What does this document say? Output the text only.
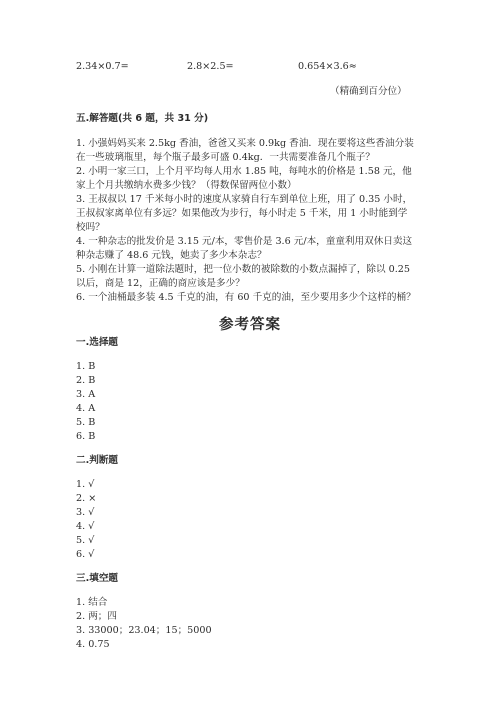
2.34×0.7=	2.8×2.5=	0.654×3.6≈
（精确到百分位）
五.解答题(共 6 题，共 31 分)
1. 小强妈妈买来 2.5kg 香油，爸爸又买来 0.9kg 香油．现在要将这些香油分装
在一些玻璃瓶里，每个瓶子最多可盛 0.4kg．一共需要准备几个瓶子？
2. 小明一家三口，上个月平均每人用水 1.85 吨，每吨水的价格是 1.58 元，他
家上个月共缴纳水费多少钱？（得数保留两位小数）
3. 王叔叔以 17 千米每小时的速度从家骑自行车到单位上班，用了 0.35 小时，
王叔叔家离单位有多远？如果他改为步行，每小时走 5 千米，用 1 小时能到学
校吗？
4. 一种杂志的批发价是 3.15 元/本，零售价是 3.6 元/本，童童利用双休日卖这
种杂志赚了 48.6 元钱，她卖了多少本杂志？
5. 小刚在计算一道除法题时，把一位小数的被除数的小数点漏掉了，除以 0.25
以后，商是 12，正确的商应该是多少？
6. 一个油桶最多装 4.5 千克的油，有 60 千克的油，至少要用多少个这样的桶？
参考答案
一.选择题
1. B
2. B
3. A
4. A
5. B
6. B
二.判断题
1. √
2. ×
3. √
4. √
5. √
6. √
三.填空题
1. 结合
2. 两；四
3. 33000；23.04；15；5000
4. 0.75
